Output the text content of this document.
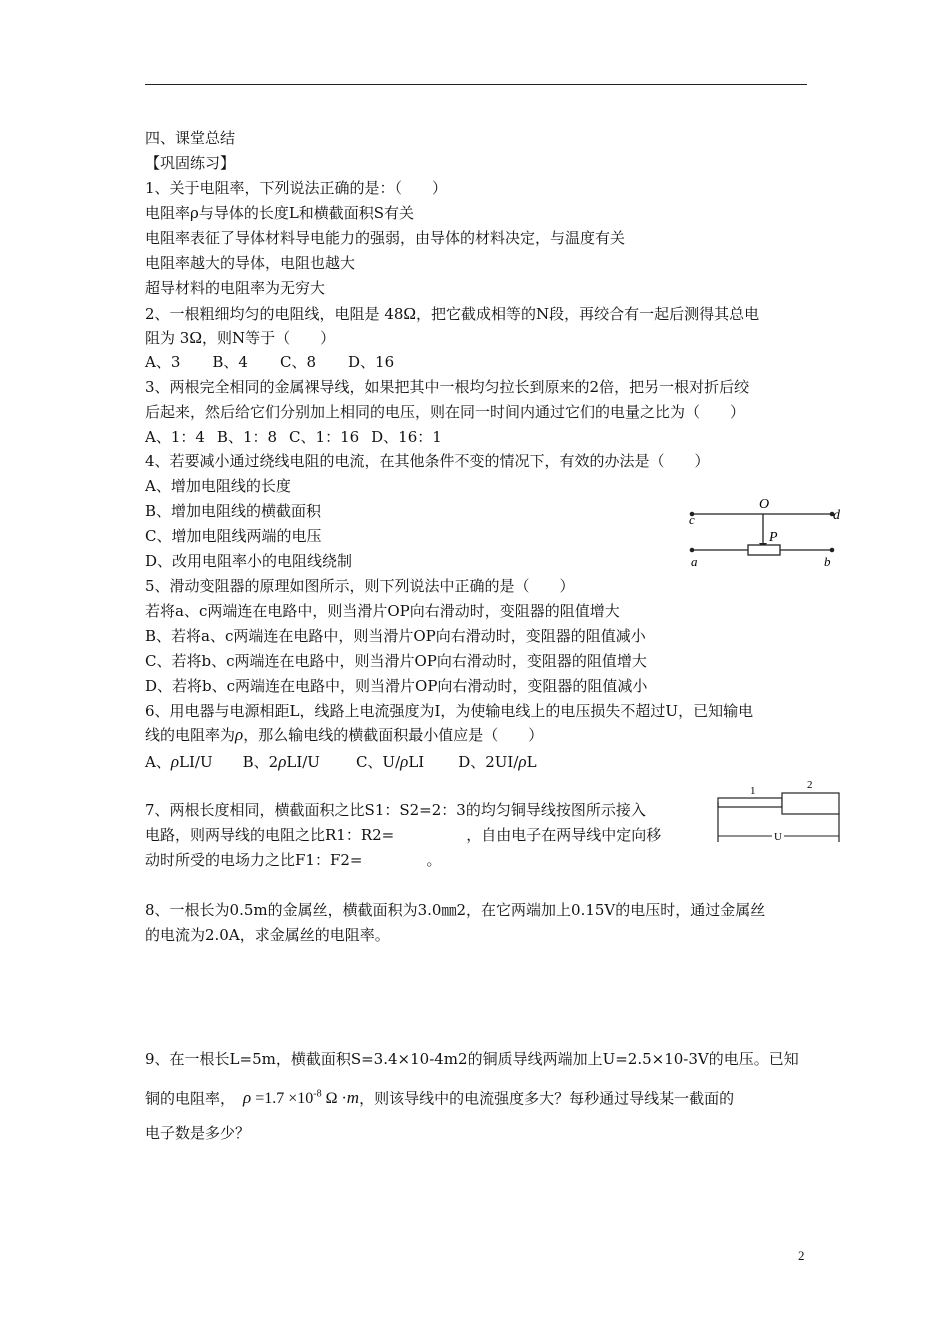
四、课堂总结
【巩固练习】
1、关于电阻率，下列说法正确的是：（　　）
电阻率ρ与导体的长度L和横截面积S有关
电阻率表征了导体材料导电能力的强弱，由导体的材料决定，与温度有关
电阻率越大的导体，电阻也越大
超导材料的电阻率为无穷大
2、一根粗细均匀的电阻线，电阻是 48Ω，把它截成相等的N段，再绞合有一起后测得其总电
阻为 3Ω，则N等于（　　）
A、3 B、4 C、8 D、16
3、两根完全相同的金属裸导线，如果把其中一根均匀拉长到原来的2倍，把另一根对折后绞
后起来，然后给它们分别加上相同的电压，则在同一时间内通过它们的电量之比为（　　）
A、1：4 B、1：8 C、1：16 D、16：1
4、若要减小通过绕线电阻的电流，在其他条件不变的情况下，有效的办法是（　　）
A、增加电阻线的长度
B、增加电阻线的横截面积
C、增加电阻线两端的电压
D、改用电阻率小的电阻线绕制
O
P
c	d
a	b
5、滑动变阻器的原理如图所示，则下列说法中正确的是（　　）
若将a、c两端连在电路中，则当滑片OP向右滑动时，变阻器的阻值增大
B、若将a、c两端连在电路中，则当滑片OP向右滑动时，变阻器的阻值减小
C、若将b、c两端连在电路中，则当滑片OP向右滑动时，变阻器的阻值增大
D、若将b、c两端连在电路中，则当滑片OP向右滑动时，变阻器的阻值减小
6、用电器与电源相距L，线路上电流强度为I，为使输电线上的电压损失不超过U，已知输电
线的电阻率为ρ，那么输电线的横截面积最小值应是（　　）
A、ρLI/U B、2ρLI/U C、U/ρLI D、2UI/ρL
7、两根长度相同，横截面积之比S1：S2=2：3的均匀铜导线按图所示接入
电路，则两导线的电阻之比R1：R2=	，自由电子在两导线中定向移
动时所受的电场力之比F1：F2=	。
1	2
U
8、一根长为0.5m的金属丝，横截面积为3.0㎜2，在它两端加上0.15V的电压时，通过金属丝
的电流为2.0A，求金属丝的电阻率。
9、在一根长L=5m，横截面积S=3.4×10-4m2的铜质导线两端加上U=2.5×10-3V的电压。已知
铜的电阻率， $\rho =1.7 \times 10^{-8}$ Ω ·m，则该导线中的电流强度多大？每秒通过导线某一截面的
电子数是多少？
2
